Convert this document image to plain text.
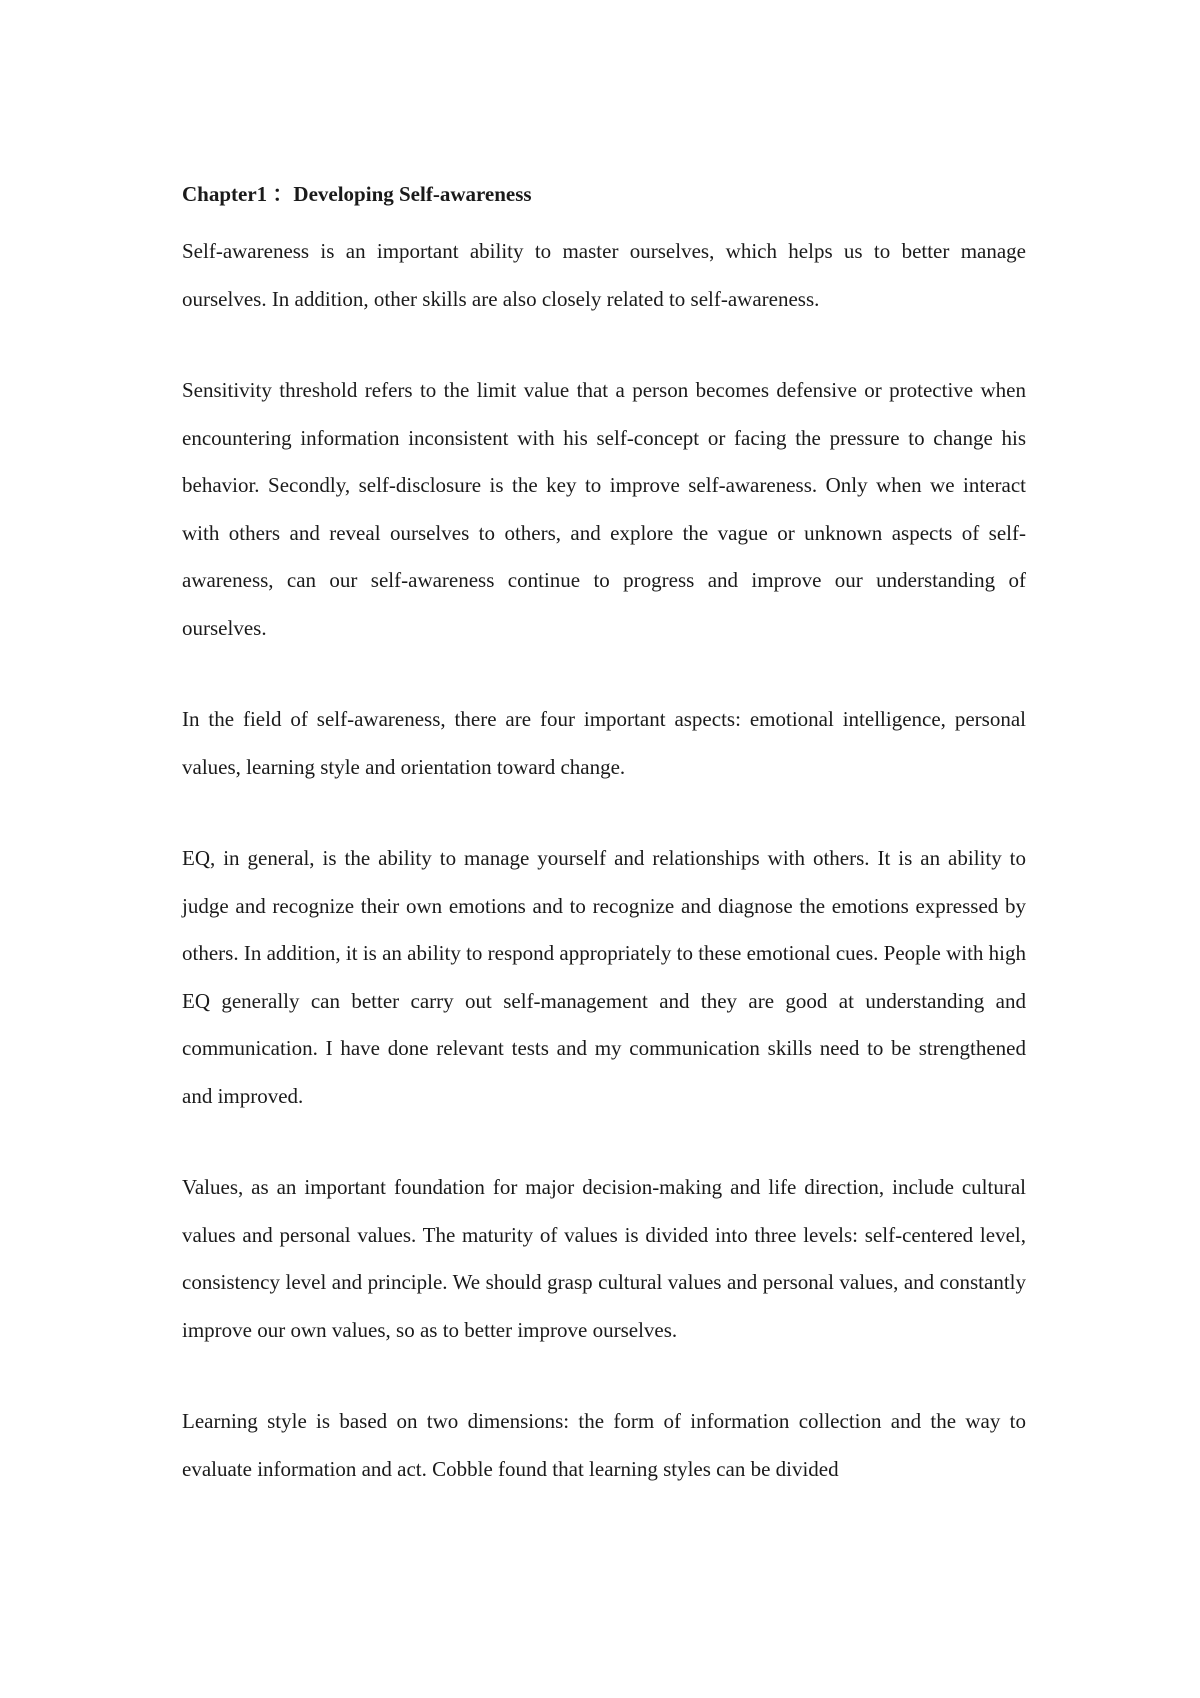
Chapter1 ：Developing Self-awareness

Self-awareness is an important ability to master ourselves, which helps us to better manage ourselves. In addition, other skills are also closely related to self-awareness.

Sensitivity threshold refers to the limit value that a person becomes defensive or protective when encountering information inconsistent with his self-concept or facing the pressure to change his behavior. Secondly, self-disclosure is the key to improve self-awareness. Only when we interact with others and reveal ourselves to others, and explore the vague or unknown aspects of self-awareness, can our self-awareness continue to progress and improve our understanding of ourselves.

In the field of self-awareness, there are four important aspects: emotional intelligence, personal values, learning style and orientation toward change.

EQ, in general, is the ability to manage yourself and relationships with others. It is an ability to judge and recognize their own emotions and to recognize and diagnose the emotions expressed by others. In addition, it is an ability to respond appropriately to these emotional cues. People with high EQ generally can better carry out self-management and they are good at understanding and communication. I have done relevant tests and my communication skills need to be strengthened and improved.

Values, as an important foundation for major decision-making and life direction, include cultural values and personal values. The maturity of values is divided into three levels: self-centered level, consistency level and principle. We should grasp cultural values and personal values, and constantly improve our own values, so as to better improve ourselves.

Learning style is based on two dimensions: the form of information collection and the way to evaluate information and act. Cobble found that learning styles can be divided
